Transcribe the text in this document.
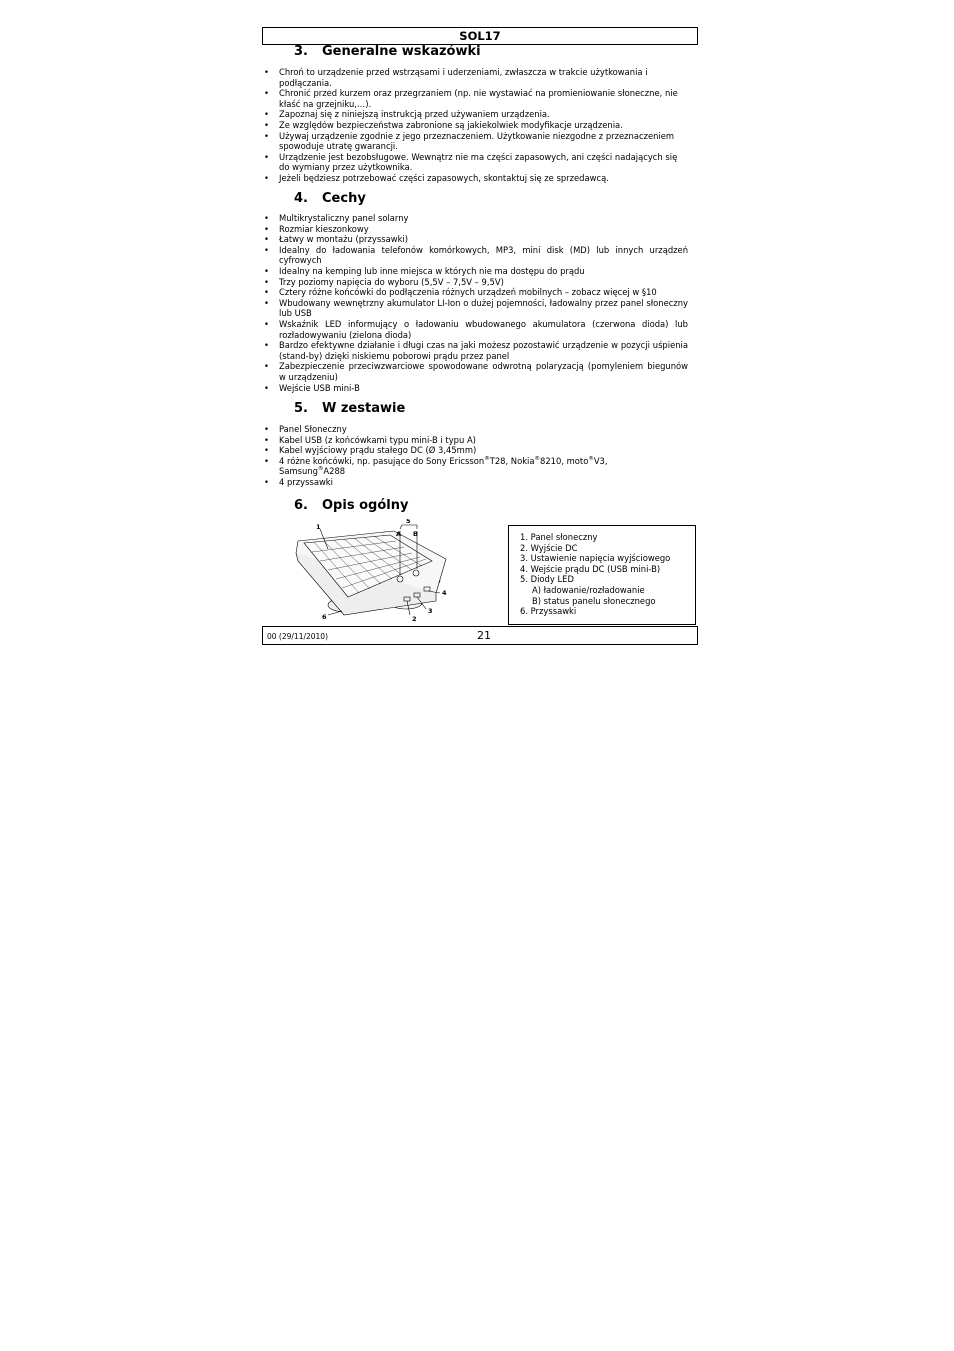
SOL17
3. Generalne wskazówki
• Chroń to urządzenie przed wstrząsami i uderzeniami, zwłaszcza w trakcie użytkowania i podłączania.
• Chronić przed kurzem oraz przegrzaniem (np. nie wystawiać na promieniowanie słoneczne, nie kłaść na grzejniku,…).
• Zapoznaj się z niniejszą instrukcją przed używaniem urządzenia.
• Ze względów bezpieczeństwa zabronione są jakiekolwiek modyfikacje urządzenia.
• Używaj urządzenie zgodnie z jego przeznaczeniem. Użytkowanie niezgodne z przeznaczeniem spowoduje utratę gwarancji.
• Urządzenie jest bezobsługowe. Wewnątrz nie ma części zapasowych, ani części nadających się do wymiany przez użytkownika.
• Jeżeli będziesz potrzebować części zapasowych, skontaktuj się ze sprzedawcą.
4. Cechy
• Multikrystaliczny panel solarny
• Rozmiar kieszonkowy
• Łatwy w montażu (przyssawki)
• Idealny do ładowania telefonów komórkowych, MP3, mini disk (MD) lub innych urządzeń cyfrowych
• Idealny na kemping lub inne miejsca w których nie ma dostępu do prądu
• Trzy poziomy napięcia do wyboru (5,5V – 7,5V – 9,5V)
• Cztery różne końcówki do podłączenia różnych urządzeń mobilnych – zobacz więcej w §10
• Wbudowany wewnętrzny akumulator LI-Ion o dużej pojemności, ładowalny przez panel słoneczny lub USB
• Wskaźnik LED informujący o ładowaniu wbudowanego akumulatora (czerwona dioda) lub rozładowywaniu (zielona dioda)
• Bardzo efektywne działanie i długi czas na jaki możesz pozostawić urządzenie w pozycji uśpienia (stand-by) dzięki niskiemu poborowi prądu przez panel
• Zabezpieczenie przeciwzwarciowe spowodowane odwrotną polaryzacją (pomyleniem biegunów w urządzeniu)
• Wejście USB mini-B
5. W zestawie
• Panel Słoneczny
• Kabel USB (z końcówkami typu mini-B i typu A)
• Kabel wyjściowy prądu stałego DC (Ø 3,45mm)
• 4 różne końcówki, np. pasujące do Sony Ericsson®T28, Nokia®8210, moto®V3,
Samsung®A288
• 4 przyssawki
6. Opis ogólny
1
2
3
4
5
6
A B	1. Panel słoneczny
2. Wyjście DC
3. Ustawienie napięcia wyjściowego
4. Wejście prądu DC (USB mini-B)
5. Diody LED
A) ładowanie/rozładowanie
B) status panelu słonecznego
6. Przyssawki
00 (29/11/2010)	21
